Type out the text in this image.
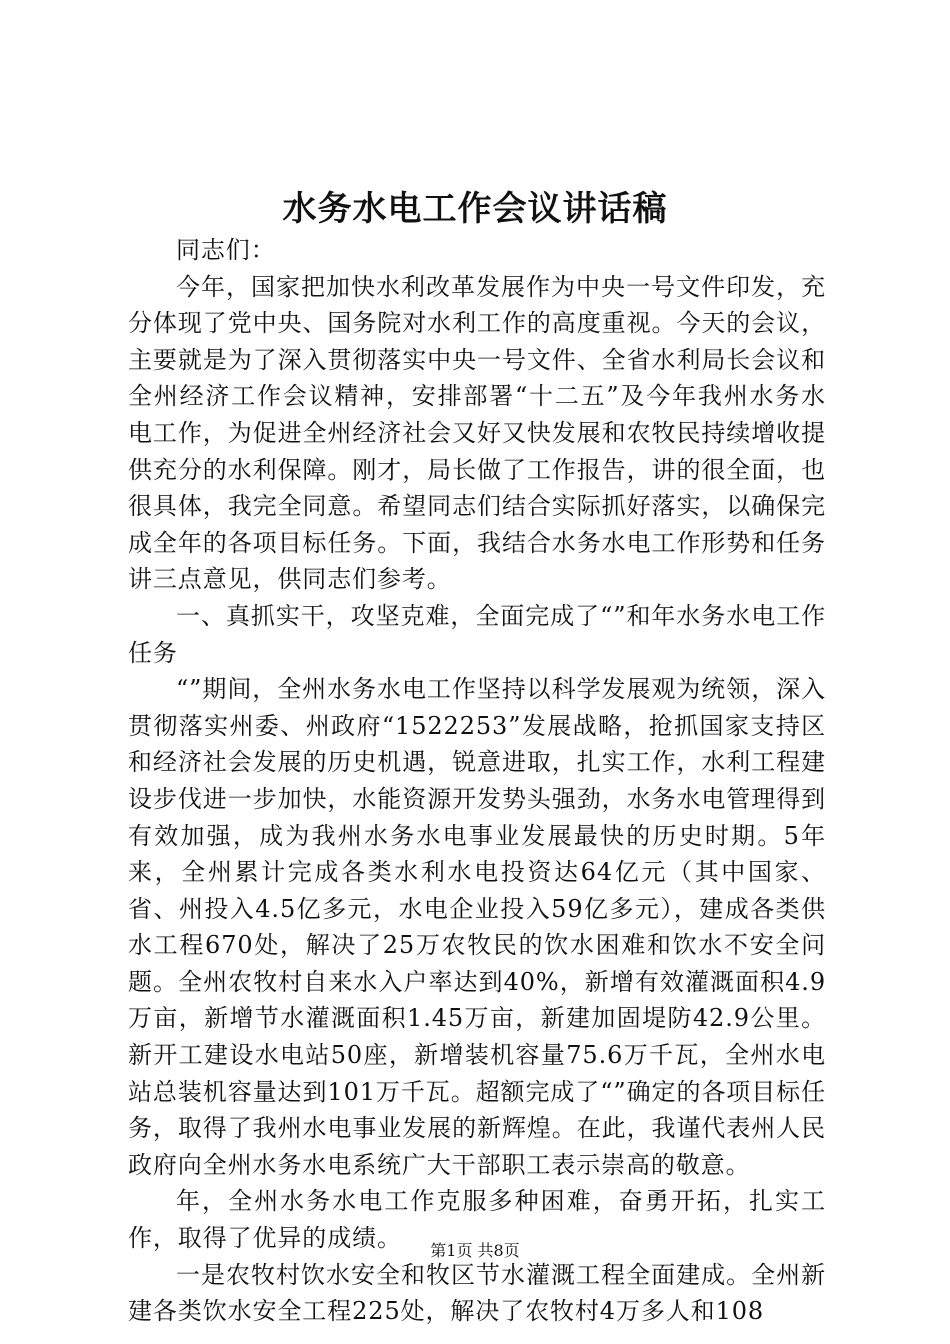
水务水电工作会议讲话稿

同志们：

今年，国家把加快水利改革发展作为中央一号文件印发，充分体现了党中央、国务院对水利工作的高度重视。今天的会议，主要就是为了深入贯彻落实中央一号文件、全省水利局长会议和全州经济工作会议精神，安排部署“十二五”及今年我州水务水电工作，为促进全州经济社会又好又快发展和农牧民持续增收提供充分的水利保障。刚才，局长做了工作报告，讲的很全面，也很具体，我完全同意。希望同志们结合实际抓好落实，以确保完成全年的各项目标任务。下面，我结合水务水电工作形势和任务讲三点意见，供同志们参考。

一、真抓实干，攻坚克难，全面完成了“”和年水务水电工作任务

“”期间，全州水务水电工作坚持以科学发展观为统领，深入贯彻落实州委、州政府“1522253”发展战略，抢抓国家支持区和经济社会发展的历史机遇，锐意进取，扎实工作，水利工程建设步伐进一步加快，水能资源开发势头强劲，水务水电管理得到有效加强，成为我州水务水电事业发展最快的历史时期。5年来，全州累计完成各类水利水电投资达64亿元（其中国家、省、州投入4.5亿多元，水电企业投入59亿多元），建成各类供水工程670处，解决了25万农牧民的饮水困难和饮水不安全问题。全州农牧村自来水入户率达到40%，新增有效灌溉面积4.9万亩，新增节水灌溉面积1.45万亩，新建加固堤防42.9公里。新开工建设水电站50座，新增装机容量75.6万千瓦，全州水电站总装机容量达到101万千瓦。超额完成了“”确定的各项目标任务，取得了我州水电事业发展的新辉煌。在此，我谨代表州人民政府向全州水务水电系统广大干部职工表示崇高的敬意。

年，全州水务水电工作克服多种困难，奋勇开拓，扎实工作，取得了优异的成绩。

一是农牧村饮水安全和牧区节水灌溉工程全面建成。全州新建各类饮水安全工程225处，解决了农牧村4万多人和108

第1页 共8页
